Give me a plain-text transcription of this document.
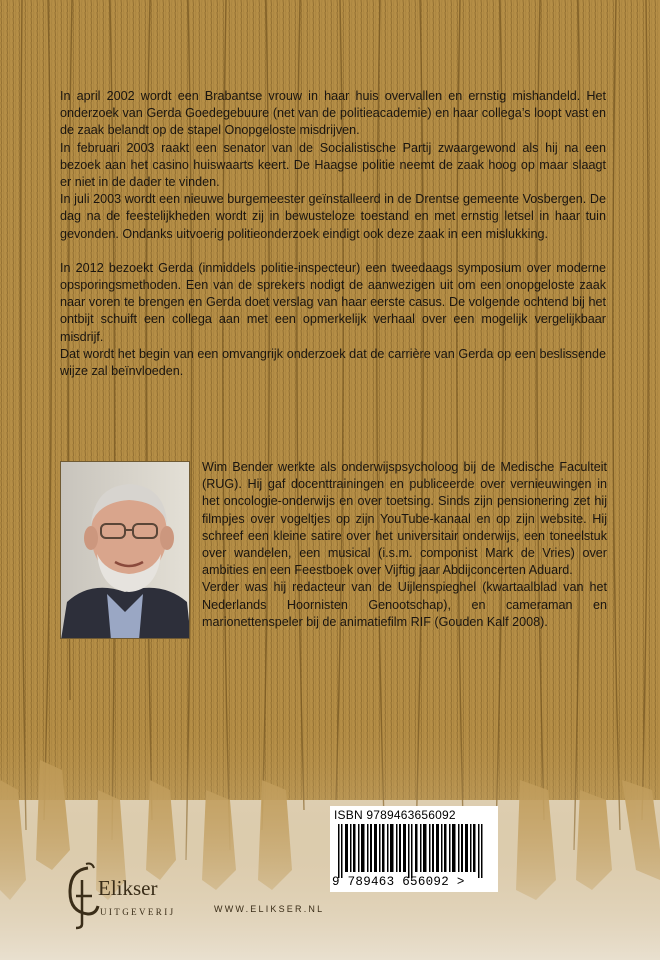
In april 2002 wordt een Brabantse vrouw in haar huis overvallen en ernstig mishandeld. Het onderzoek van Gerda Goedegebuure (net van de politieacademie) en haar collega’s loopt vast en de zaak belandt op de stapel Onopgeloste misdrijven.

In februari 2003 raakt een senator van de Socialistische Partij zwaargewond als hij na een bezoek aan het casino huiswaarts keert. De Haagse politie neemt de zaak hoog op maar slaagt er niet in de dader te vinden.

In juli 2003 wordt een nieuwe burgemeester geïnstalleerd in de Drentse gemeente Vosbergen. De dag na de feestelijkheden wordt zij in bewusteloze toestand en met ernstig letsel in haar tuin gevonden. Ondanks uitvoerig politieonderzoek eindigt ook deze zaak in een mislukking.

In 2012 bezoekt Gerda (inmiddels politie-inspecteur) een tweedaags symposium over moderne opsporingsmethoden. Een van de sprekers nodigt de aanwezigen uit om een onopgeloste zaak naar voren te brengen en Gerda doet verslag van haar eerste casus. De volgende ochtend bij het ontbijt schuift een collega aan met een opmerkelijk verhaal over een mogelijk vergelijkbaar misdrijf.

Dat wordt het begin van een omvangrijk onderzoek dat de carrière van Gerda op een beslissende wijze zal beïnvloeden.

Wim Bender werkte als onderwijspsycholoog bij de Medische Faculteit (RUG). Hij gaf docenttrainingen en publiceerde over vernieuwingen in het oncologie-onderwijs en over toetsing. Sinds zijn pensionering zet hij filmpjes over vogeltjes op zijn YouTube-kanaal en op zijn website. Hij schreef een kleine satire over het universitair onderwijs, een toneelstuk over wandelen, een musical (i.s.m. componist Mark de Vries) over ambities en een Feestboek over Vijftig jaar Abdijconcerten Aduard.

Verder was hij redacteur van de Uijlenspieghel (kwartaalblad van het Nederlands Hoornisten Genootschap), en cameraman en marionettenspeler bij de animatiefilm RIF (Gouden Kalf 2008).

ISBN 9789463656092
9 789463 656092 >
Elikser
UITGEVERIJ	WWW.ELIKSER.NL
